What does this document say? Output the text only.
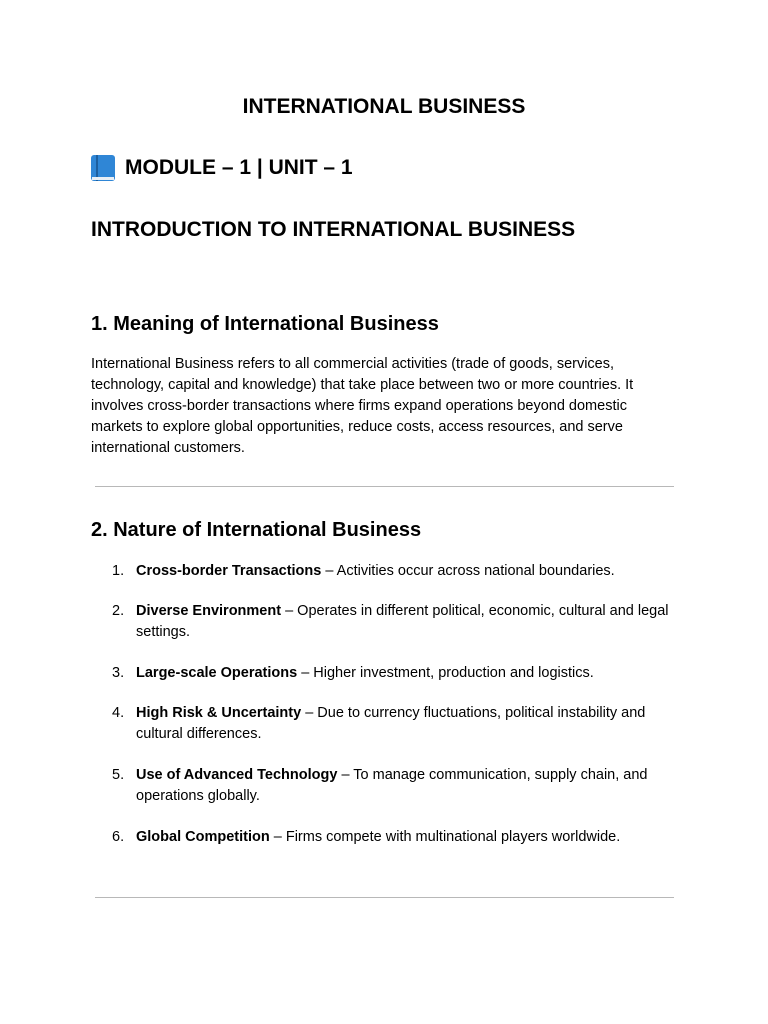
INTERNATIONAL BUSINESS
MODULE – 1 | UNIT – 1
INTRODUCTION TO INTERNATIONAL BUSINESS
1. Meaning of International Business

International Business refers to all commercial activities (trade of goods, services, technology, capital and knowledge) that take place between two or more countries. It involves cross-border transactions where firms expand operations beyond domestic markets to explore global opportunities, reduce costs, access resources, and serve international customers.

2. Nature of International Business
1. Cross-border Transactions – Activities occur across national boundaries.
2. Diverse Environment – Operates in different political, economic, cultural and legal settings.
3. Large-scale Operations – Higher investment, production and logistics.
4. High Risk & Uncertainty – Due to currency fluctuations, political instability and cultural differences.
5. Use of Advanced Technology – To manage communication, supply chain, and operations globally.
6. Global Competition – Firms compete with multinational players worldwide.
